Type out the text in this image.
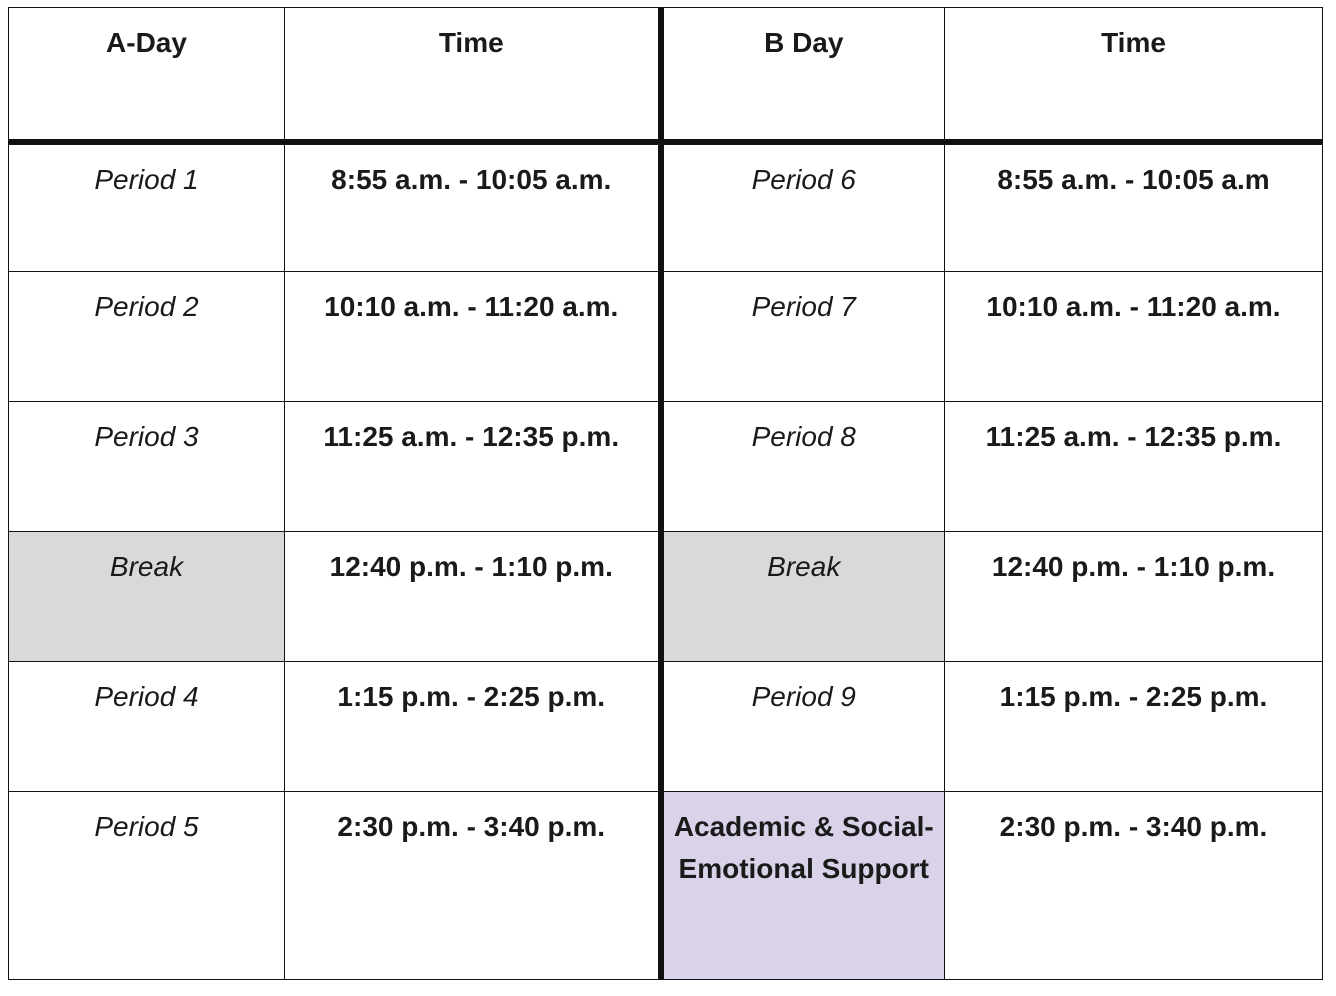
A-Day	Time	B Day	Time
Period 1	8:55 a.m. - 10:05 a.m.	Period 6	8:55 a.m. - 10:05 a.m
Period 2	10:10 a.m. - 11:20 a.m.	Period 7	10:10 a.m. - 11:20 a.m.
Period 3	11:25 a.m. - 12:35 p.m.	Period 8	11:25 a.m. - 12:35 p.m.
Break	12:40 p.m. - 1:10 p.m.	Break	12:40 p.m. - 1:10 p.m.
Period 4	1:15 p.m. - 2:25 p.m.	Period 9	1:15 p.m. - 2:25 p.m.
Period 5	2:30 p.m. - 3:40 p.m.	Academic & Social-Emotional Support	2:30 p.m. - 3:40 p.m.
